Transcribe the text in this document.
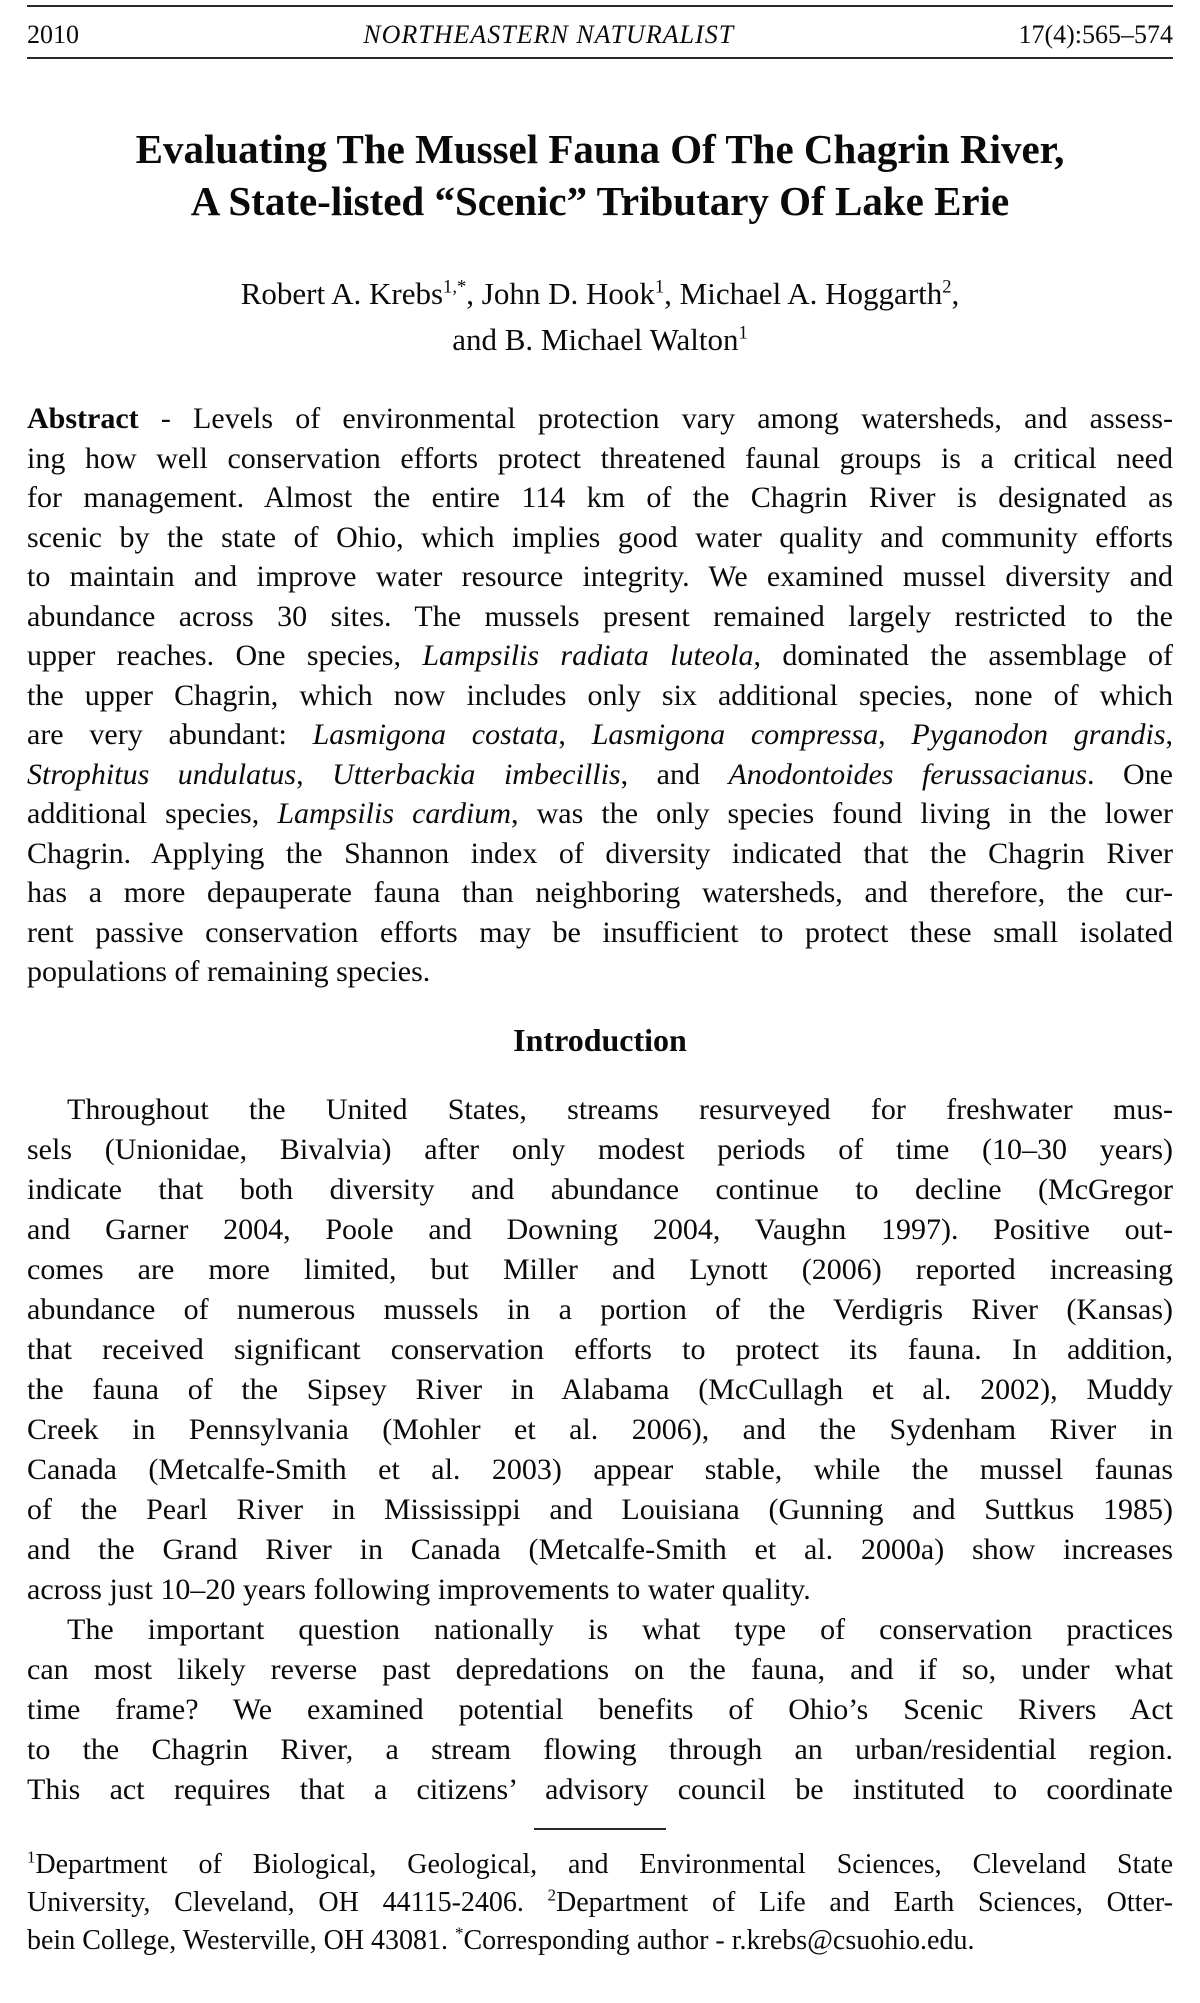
2010	NORTHEASTERN NATURALIST	17(4):565–574
Evaluating The Mussel Fauna Of The Chagrin River,
A State-listed “Scenic” Tributary Of Lake Erie
Robert A. Krebs$^{1,*}$, John D. Hook$^1$, Michael A. Hoggarth$^2$,
and B. Michael Walton$^1$
Abstract - Levels of environmental protection vary among watersheds, and assess-
ing how well conservation efforts protect threatened faunal groups is a critical need
for management. Almost the entire 114 km of the Chagrin River is designated as
scenic by the state of Ohio, which implies good water quality and community efforts
to maintain and improve water resource integrity. We examined mussel diversity and
abundance across 30 sites. The mussels present remained largely restricted to the
upper reaches. One species, Lampsilis radiata luteola, dominated the assemblage of
the upper Chagrin, which now includes only six additional species, none of which
are very abundant: Lasmigona costata, Lasmigona compressa, Pyganodon grandis,
Strophitus undulatus, Utterbackia imbecillis, and Anodontoides ferussacianus. One
additional species, Lampsilis cardium, was the only species found living in the lower
Chagrin. Applying the Shannon index of diversity indicated that the Chagrin River
has a more depauperate fauna than neighboring watersheds, and therefore, the cur-
rent passive conservation efforts may be insufficient to protect these small isolated
populations of remaining species.
Introduction
Throughout the United States, streams resurveyed for freshwater mus-
sels (Unionidae, Bivalvia) after only modest periods of time (10–30 years)
indicate that both diversity and abundance continue to decline (McGregor
and Garner 2004, Poole and Downing 2004, Vaughn 1997). Positive out-
comes are more limited, but Miller and Lynott (2006) reported increasing
abundance of numerous mussels in a portion of the Verdigris River (Kansas)
that received significant conservation efforts to protect its fauna. In addition,
the fauna of the Sipsey River in Alabama (McCullagh et al. 2002), Muddy
Creek in Pennsylvania (Mohler et al. 2006), and the Sydenham River in
Canada (Metcalfe-Smith et al. 2003) appear stable, while the mussel faunas
of the Pearl River in Mississippi and Louisiana (Gunning and Suttkus 1985)
and the Grand River in Canada (Metcalfe-Smith et al. 2000a) show increases
across just 10–20 years following improvements to water quality.
The important question nationally is what type of conservation practices
can most likely reverse past depredations on the fauna, and if so, under what
time frame? We examined potential benefits of Ohio’s Scenic Rivers Act
to the Chagrin River, a stream flowing through an urban/residential region.
This act requires that a citizens’ advisory council be instituted to coordinate
$^1$Department of Biological, Geological, and Environmental Sciences, Cleveland State
University, Cleveland, OH 44115-2406. $^2$Department of Life and Earth Sciences, Otter-
bein College, Westerville, OH 43081. *Corresponding author - r.krebs@csuohio.edu.
